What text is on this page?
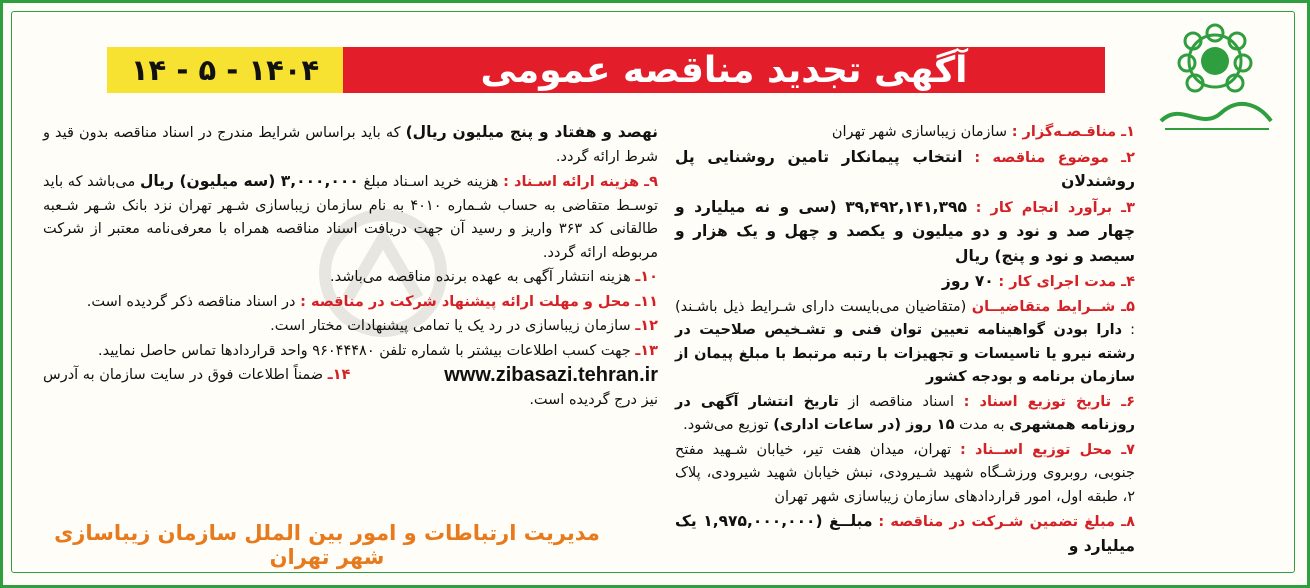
۱۴۰۴ - ۵ - ۱۴	آگهی تجدید مناقصه عمومی

۱ـ مناقـصـه‌گزار : سازمان زیباسازی شهر تهران

۲ـ موضوع مناقصه : انتخاب پیمانکار تامین روشنایی پل روشندلان

۳ـ برآورد انجام کار : ۳۹,۴۹۲,۱۴۱,۳۹۵ (سی و نه میلیارد و چهار صد و نود و دو میلیون و یکصد و چهل و یک هزار و سیصد و نود و پنج) ریال

۴ـ مدت اجرای کار : ۷۰ روز

۵ـ شــرایط متقاضیــان (متقاضیان می‌بایست دارای شـرایط ذیل باشـند) : دارا بودن گواهینامه تعیین توان فنی و تشـخیص صلاحیت در رشته نیرو یا تاسیسات و تجهیزات با رتبه مرتبط با مبلغ پیمان از سازمان برنامه و بودجه کشور

۶ـ تاریخ توزیع اسناد : اسناد مناقصه از تاریخ انتشار آگهی در روزنامه همشهری به مدت ۱۵ روز (در ساعات اداری) توزیع می‌شود.

۷ـ محل توزیع اســناد : تهران، میدان هفت تیر، خیابان شـهید مفتح جنوبی، روبروی ورزشـگاه شهید شـیرودی، نبش خیابان شهید شیرودی، پلاک ۲، طبقه اول، امور قراردادهای سازمان زیباسازی شهر تهران

۸ـ مبلغ تضمین شـرکت در مناقصه : مبلــغ (۱,۹۷۵,۰۰۰,۰۰۰ یک میلیارد و

نهصد و هفتاد و پنج میلیون ریال) که باید براساس شرایط مندرج در اسناد مناقصه بدون قید و شرط ارائه گردد.

۹ـ هزینه ارائه اسـناد : هزینه خرید اسـناد مبلغ ۳,۰۰۰,۰۰۰ (سه میلیون) ریال می‌باشد که باید توسـط متقاضی به حساب شـماره ۴۰۱۰ به نام سازمان زیباسازی شـهر تهران نزد بانک شـهر شـعبه طالقانی کد ۳۶۳ واریز و رسید آن جهت دریافت اسناد مناقصه همراه با معرفی‌نامه معتبر از شرکت مربوطه ارائه گردد.

۱۰ـ هزینه انتشار آگهی به عهده برنده مناقصه می‌باشد.

۱۱ـ محل و مهلت ارائه پیشنهاد شرکت در مناقصه : در اسناد مناقصه ذکر گردیده است.

۱۲ـ سازمان زیباسازی در رد یک یا تمامی پیشنهادات مختار است.

۱۳ـ جهت کسب اطلاعات بیشتر با شماره تلفن ۹۶۰۴۴۴۸۰ واحد قراردادها تماس حاصل نمایید.

۱۴ـ ضمناً اطلاعات فوق در سایت سازمان به آدرس	www.zibasazi.tehran.ir

نیز درج گردیده است.

مدیریت ارتباطات و امور بین الملل سازمان زیباسازی شهر تهران
